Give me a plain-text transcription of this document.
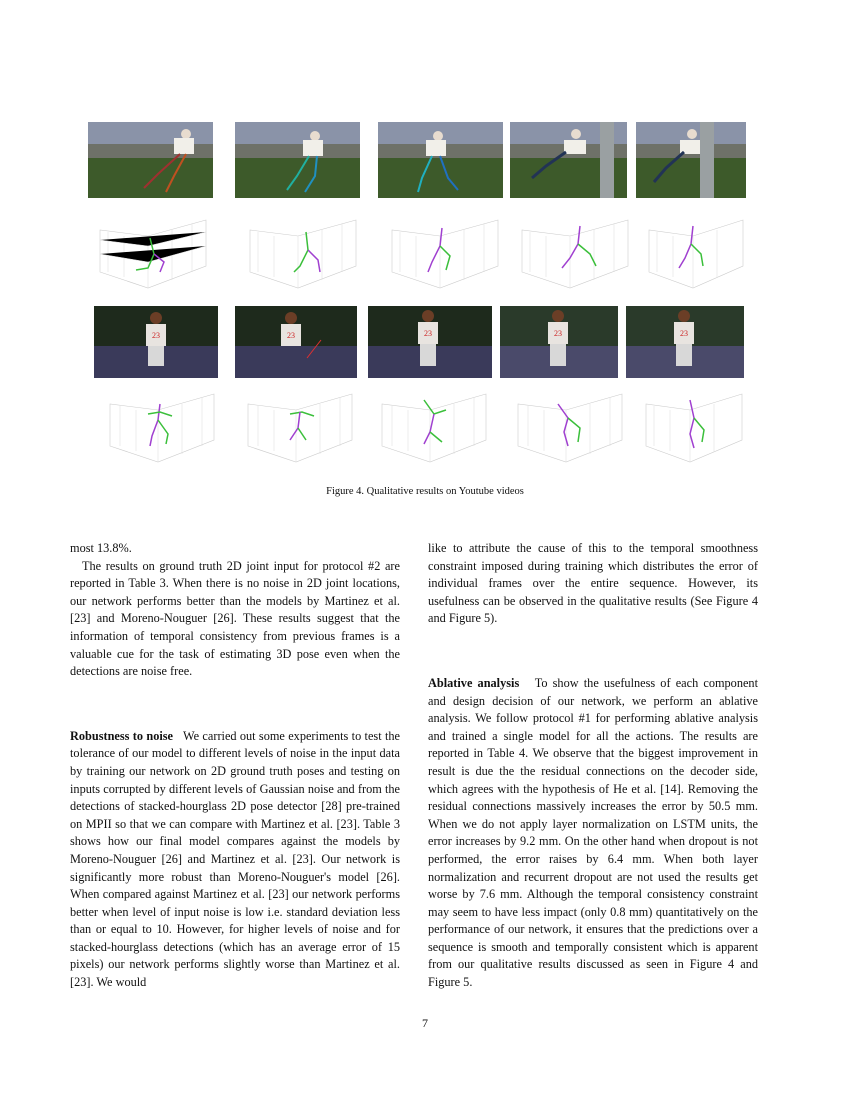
23	23	23	23	23
Figure 4. Qualitative results on Youtube videos

most 13.8%.

The results on ground truth 2D joint input for protocol #2 are reported in Table 3. When there is no noise in 2D joint locations, our network performs better than the models by Martinez et al. [23] and Moreno-Nouguer [26]. These results suggest that the information of temporal consistency from previous frames is a valuable cue for the task of estimating 3D pose even when the detections are noise free.

Robustness to noise We carried out some experiments to test the tolerance of our model to different levels of noise in the input data by training our network on 2D ground truth poses and testing on inputs corrupted by different levels of Gaussian noise and from the detections of stacked-hourglass 2D pose detector [28] pre-trained on MPII so that we can compare with Martinez et al. [23]. Table 3 shows how our final model compares against the models by Moreno-Nouguer [26] and Martinez et al. [23]. Our network is significantly more robust than Moreno-Nouguer's model [26]. When compared against Martinez et al. [23] our network performs better when level of input noise is low i.e. standard deviation less than or equal to 10. However, for higher levels of noise and for stacked-hourglass detections (which has an average error of 15 pixels) our network performs slightly worse than Martinez et al. [23]. We would

like to attribute the cause of this to the temporal smoothness constraint imposed during training which distributes the error of individual frames over the entire sequence. However, its usefulness can be observed in the qualitative results (See Figure 4 and Figure 5).

Ablative analysis To show the usefulness of each component and design decision of our network, we perform an ablative analysis. We follow protocol #1 for performing ablative analysis and trained a single model for all the actions. The results are reported in Table 4. We observe that the biggest improvement in result is due the the residual connections on the decoder side, which agrees with the hypothesis of He et al. [14]. Removing the residual connections massively increases the error by 50.5 mm. When we do not apply layer normalization on LSTM units, the error increases by 9.2 mm. On the other hand when dropout is not performed, the error raises by 6.4 mm. When both layer normalization and recurrent dropout are not used the results get worse by 7.6 mm. Although the temporal consistency constraint may seem to have less impact (only 0.8 mm) quantitatively on the performance of our network, it ensures that the predictions over a sequence is smooth and temporally consistent which is apparent from our qualitative results discussed as seen in Figure 4 and Figure 5.

7
